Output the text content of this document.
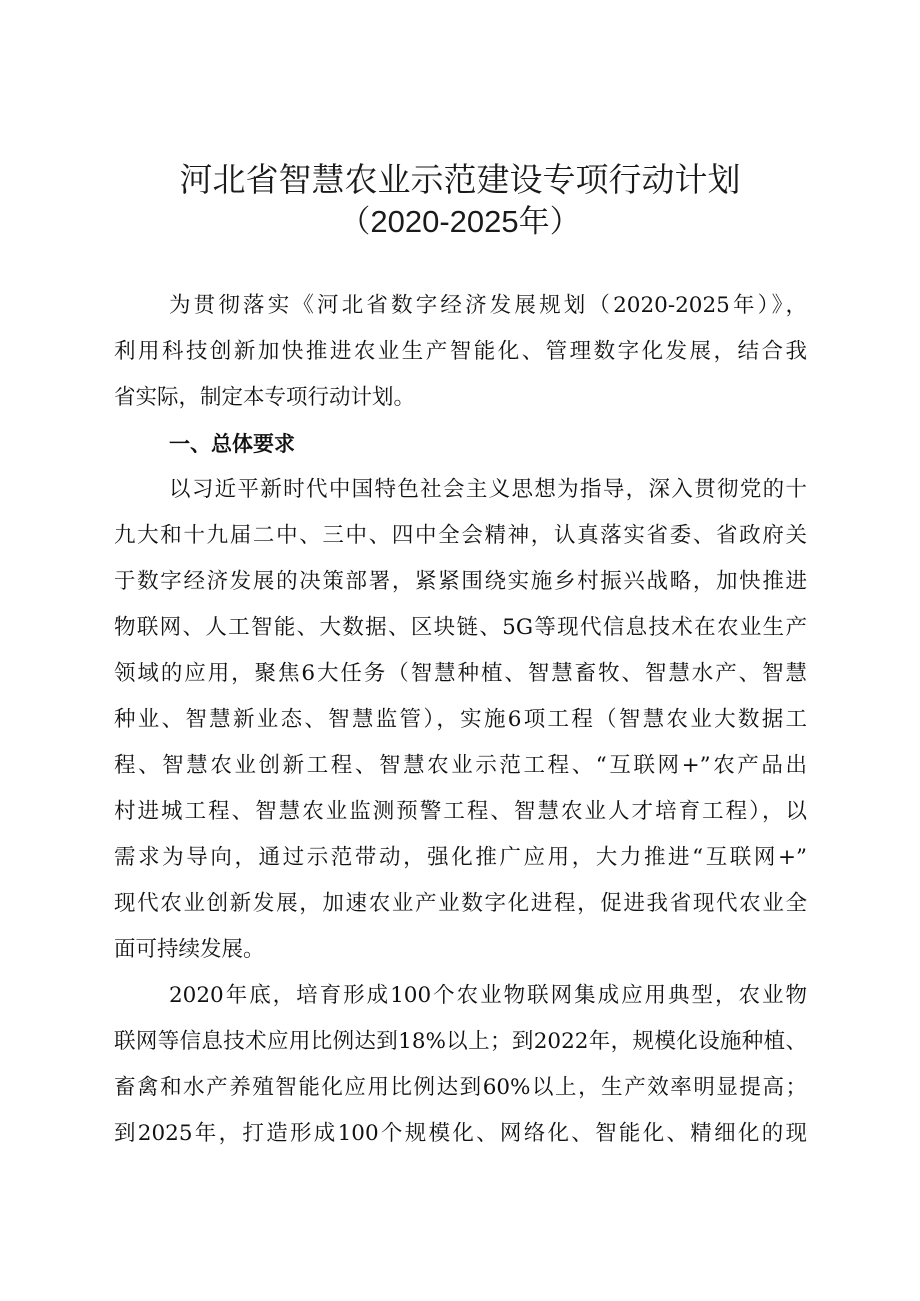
河北省智慧农业示范建设专项行动计划
（2020-2025年）
为贯彻落实《河北省数字经济发展规划（2020-2025年）》，
利用科技创新加快推进农业生产智能化、管理数字化发展，结合我
省实际，制定本专项行动计划。
一、总体要求
以习近平新时代中国特色社会主义思想为指导，深入贯彻党的十
九大和十九届二中、三中、四中全会精神，认真落实省委、省政府关
于数字经济发展的决策部署，紧紧围绕实施乡村振兴战略，加快推进
物联网、人工智能、大数据、区块链、5G等现代信息技术在农业生产
领域的应用，聚焦6大任务（智慧种植、智慧畜牧、智慧水产、智慧
种业、智慧新业态、智慧监管），实施6项工程（智慧农业大数据工
程、智慧农业创新工程、智慧农业示范工程、“互联网+”农产品出
村进城工程、智慧农业监测预警工程、智慧农业人才培育工程），以
需求为导向，通过示范带动，强化推广应用，大力推进“互联网+”
现代农业创新发展，加速农业产业数字化进程，促进我省现代农业全
面可持续发展。
2020年底，培育形成100个农业物联网集成应用典型，农业物
联网等信息技术应用比例达到18%以上；到2022年，规模化设施种植、
畜禽和水产养殖智能化应用比例达到60%以上，生产效率明显提高；
到2025年，打造形成100个规模化、网络化、智能化、精细化的现
